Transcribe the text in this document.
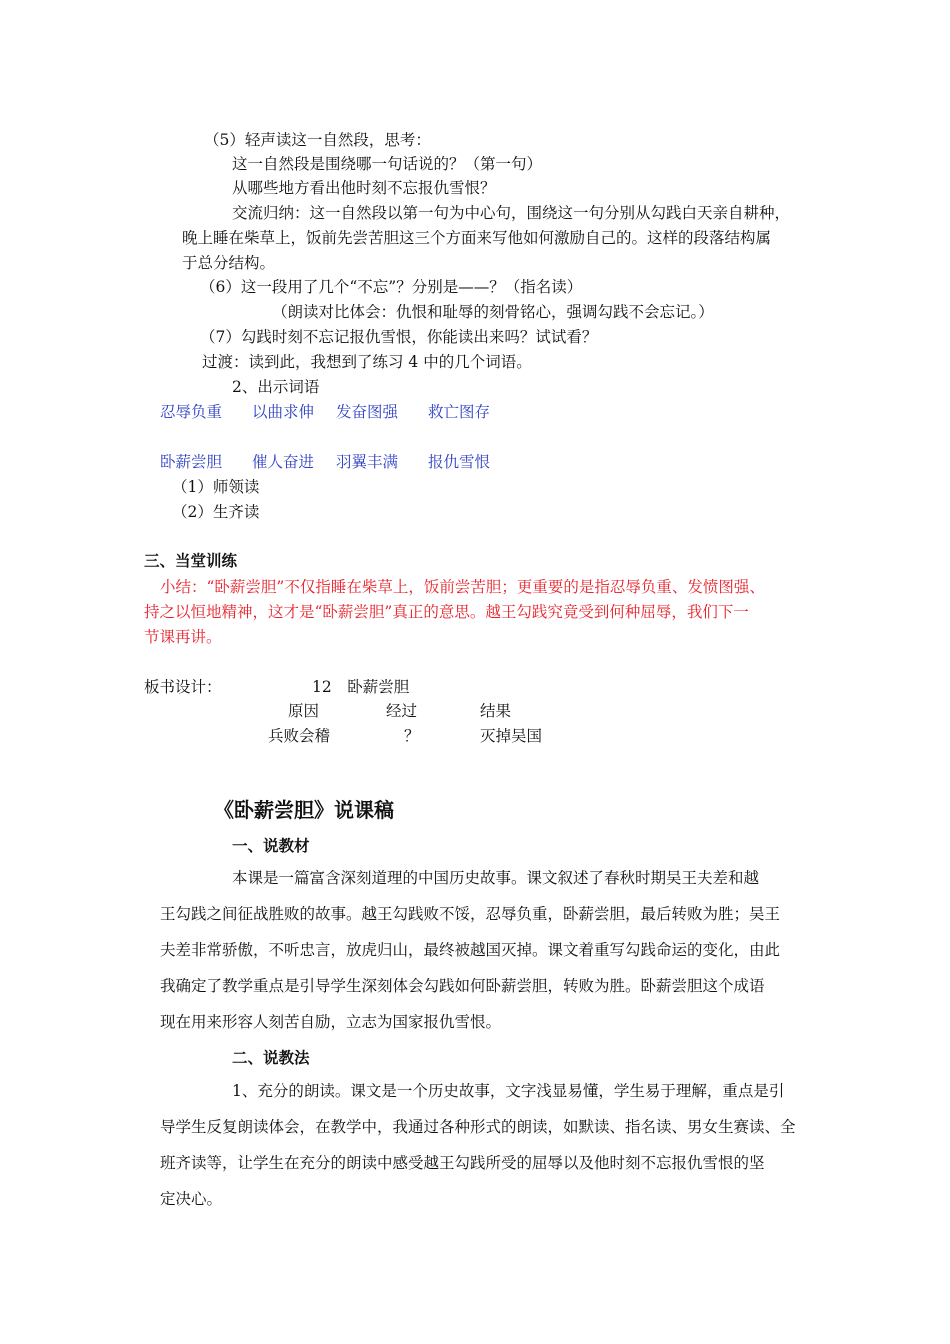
（5）轻声读这一自然段，思考：
这一自然段是围绕哪一句话说的？（第一句）
从哪些地方看出他时刻不忘报仇雪恨？
交流归纳：这一自然段以第一句为中心句，围绕这一句分别从勾践白天亲自耕种，
晚上睡在柴草上，饭前先尝苦胆这三个方面来写他如何激励自己的。这样的段落结构属
于总分结构。
（6）这一段用了几个“不忘”？分别是——？（指名读）
（朗读对比体会：仇恨和耻辱的刻骨铭心，强调勾践不会忘记。）
（7）勾践时刻不忘记报仇雪恨，你能读出来吗？试试看？
过渡：读到此，我想到了练习 4 中的几个词语。
2、出示词语
忍辱负重 以曲求伸 发奋图强 救亡图存
卧薪尝胆 催人奋进 羽翼丰满 报仇雪恨
（1）师领读
（2）生齐读
三、当堂训练
小结：“卧薪尝胆”不仅指睡在柴草上，饭前尝苦胆；更重要的是指忍辱负重、发愤图强、
持之以恒地精神，这才是“卧薪尝胆”真正的意思。越王勾践究竟受到何种屈辱，我们下一
节课再讲。
板书设计：	12　卧薪尝胆
原因	经过	结果
兵败会稽	？	灭掉吴国
《卧薪尝胆》说课稿
一、说教材
本课是一篇富含深刻道理的中国历史故事。课文叙述了春秋时期吴王夫差和越
王勾践之间征战胜败的故事。越王勾践败不馁，忍辱负重，卧薪尝胆，最后转败为胜；吴王
夫差非常骄傲，不听忠言，放虎归山，最终被越国灭掉。课文着重写勾践命运的变化，由此
我确定了教学重点是引导学生深刻体会勾践如何卧薪尝胆，转败为胜。卧薪尝胆这个成语
现在用来形容人刻苦自励，立志为国家报仇雪恨。
二、说教法
1、充分的朗读。课文是一个历史故事，文字浅显易懂，学生易于理解，重点是引
导学生反复朗读体会，在教学中，我通过各种形式的朗读，如默读、指名读、男女生赛读、全
班齐读等，让学生在充分的朗读中感受越王勾践所受的屈辱以及他时刻不忘报仇雪恨的坚
定决心。
